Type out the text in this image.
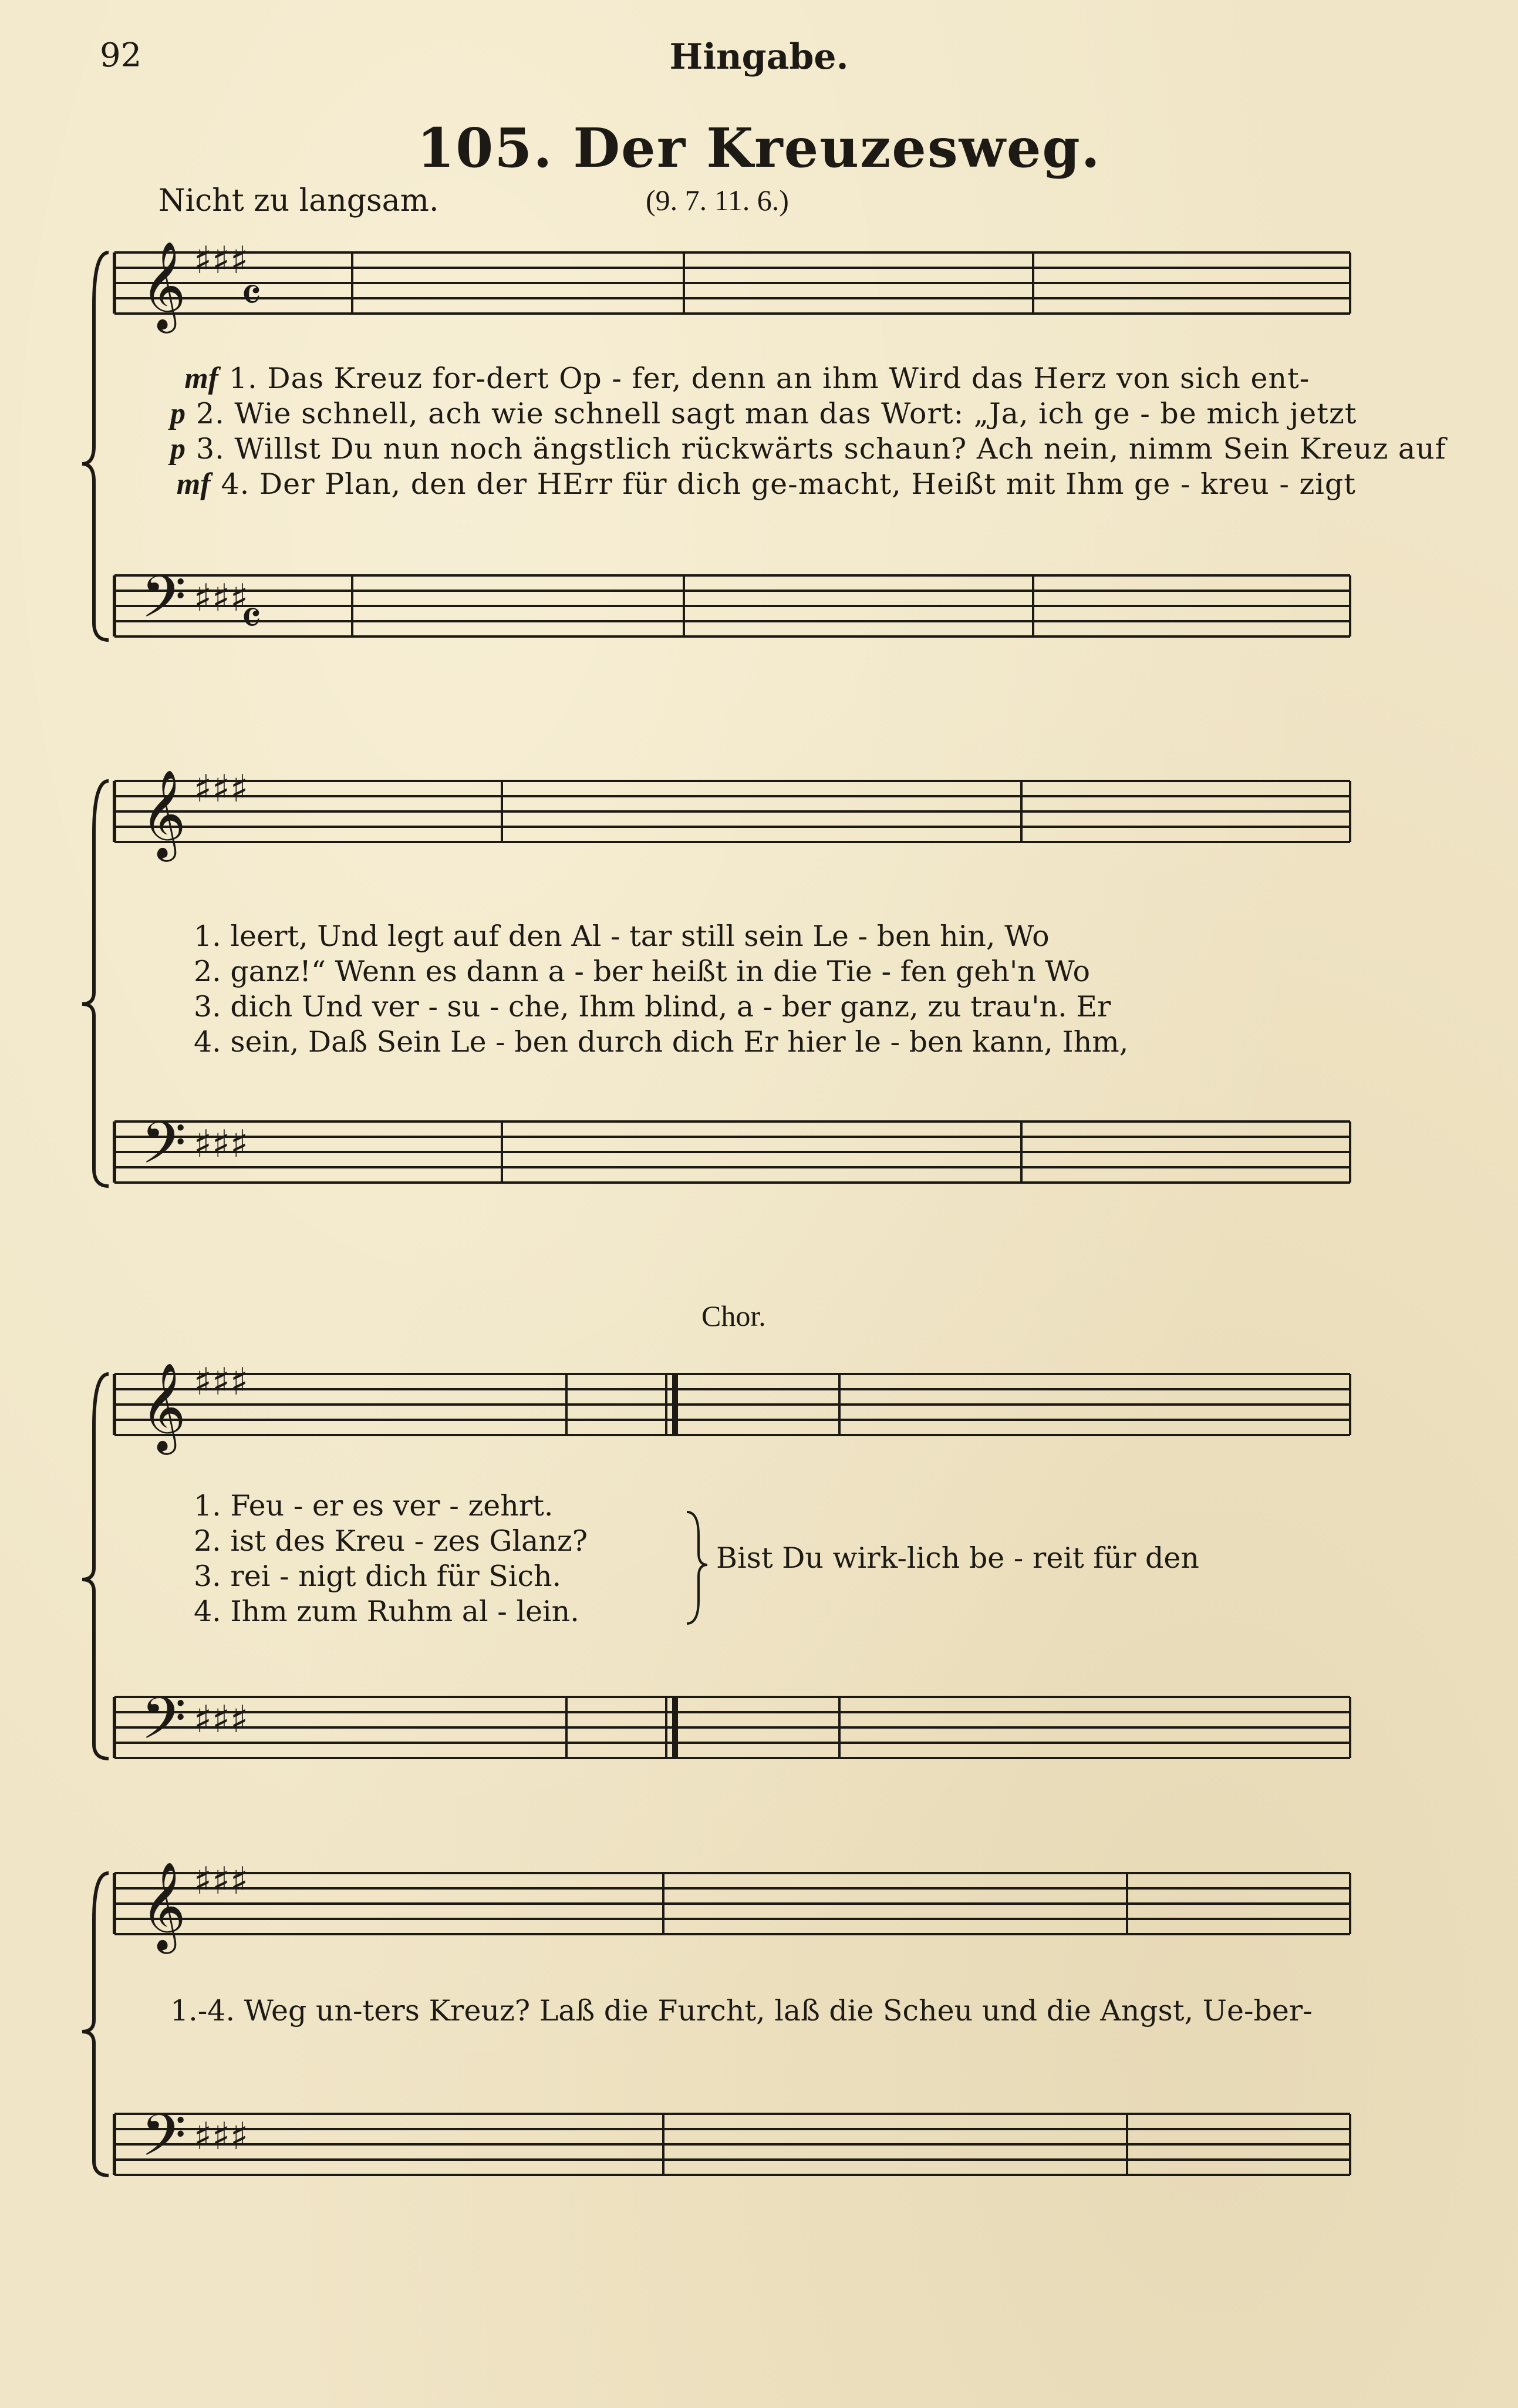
92	Hingabe.
105. Der Kreuzesweg.
Nicht zu langsam.	(9. 7. 11. 6.)
𝄞 ♯♯♯
𝄴
𝄢 ♯♯♯
𝄴
mf 1. Das Kreuz for-dert Op - fer, denn an ihm Wird das Herz von sich ent-
p 2. Wie schnell, ach wie schnell sagt man das Wort: „Ja, ich ge - be mich jetzt
p 3. Willst Du nun noch ängstlich rückwärts schaun? Ach nein, nimm Sein Kreuz auf
mf 4. Der Plan, den der HErr für dich ge-macht, Heißt mit Ihm ge - kreu - zigt
𝄞 ♯♯♯
𝄢 ♯♯♯
1. leert, Und legt auf den Al - tar still sein Le - ben hin, Wo
2. ganz!“ Wenn es dann a - ber heißt in die Tie - fen geh'n Wo
3. dich Und ver - su - che, Ihm blind, a - ber ganz, zu trau'n. Er
4. sein, Daß Sein Le - ben durch dich Er hier le - ben kann, Ihm,
Chor.
𝄞 ♯♯♯
𝄢 ♯♯♯
1. Feu - er es ver - zehrt.
2. ist des Kreu - zes Glanz?
3. rei - nigt dich für Sich.
4. Ihm zum Ruhm al - lein.
Bist Du wirk-lich be - reit für den
𝄞 ♯♯♯
𝄢 ♯♯♯
1.-4. Weg un-ters Kreuz? Laß die Furcht, laß die Scheu und die Angst, Ue-ber-
